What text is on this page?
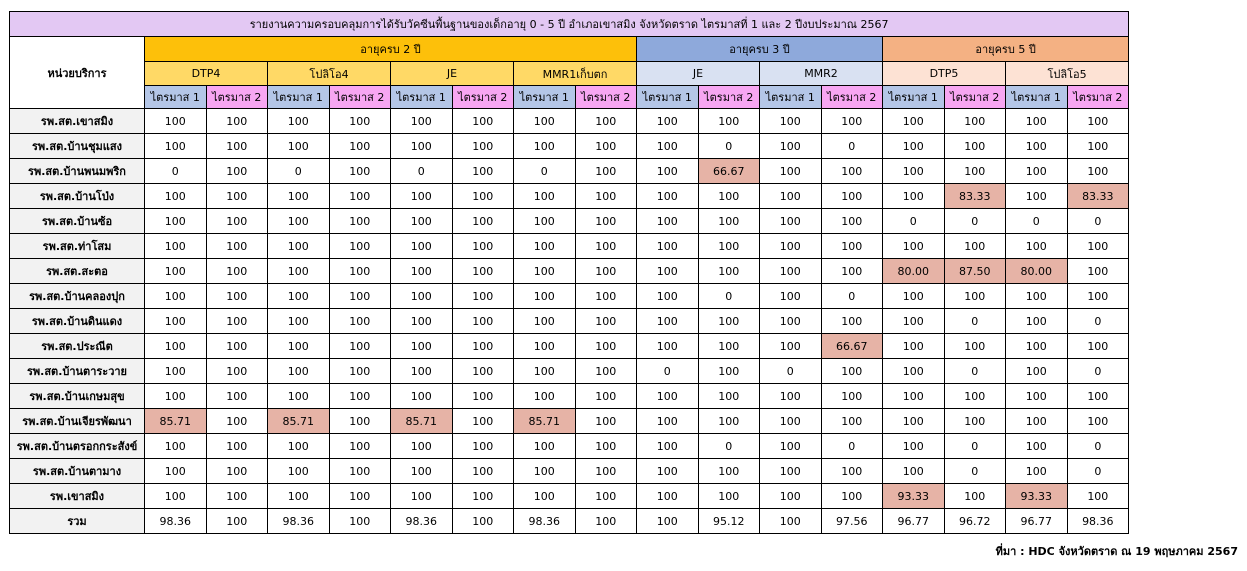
รายงานความครอบคลุมการได้รับวัคซีนพื้นฐานของเด็กอายุ 0 - 5 ปี อำเภอเขาสมิง จังหวัดตราด ไตรมาสที่ 1 และ 2 ปีงบประมาณ 2567																
หน่วยบริการ	อายุครบ 2 ปี								อายุครบ 3 ปี				อายุครบ 5 ปี			
	DTP4		โปลิโอ4		JE		MMR1เก็บตก		JE		MMR2		DTP5		โปลิโอ5	
	ไตรมาส 1	ไตรมาส 2	ไตรมาส 1	ไตรมาส 2	ไตรมาส 1	ไตรมาส 2	ไตรมาส 1	ไตรมาส 2	ไตรมาส 1	ไตรมาส 2	ไตรมาส 1	ไตรมาส 2	ไตรมาส 1	ไตรมาส 2	ไตรมาส 1	ไตรมาส 2
รพ.สต.เขาสมิง	100	100	100	100	100	100	100	100	100	100	100	100	100	100	100	100
รพ.สต.บ้านชุมแสง	100	100	100	100	100	100	100	100	100	0	100	0	100	100	100	100
รพ.สต.บ้านพนมพริก	0	100	0	100	0	100	0	100	100	66.67	100	100	100	100	100	100
รพ.สต.บ้านโป่ง	100	100	100	100	100	100	100	100	100	100	100	100	100	83.33	100	83.33
รพ.สต.บ้านซ้อ	100	100	100	100	100	100	100	100	100	100	100	100	0	0	0	0
รพ.สต.ท่าโสม	100	100	100	100	100	100	100	100	100	100	100	100	100	100	100	100
รพ.สต.สะตอ	100	100	100	100	100	100	100	100	100	100	100	100	80.00	87.50	80.00	100
รพ.สต.บ้านคลองปุก	100	100	100	100	100	100	100	100	100	0	100	0	100	100	100	100
รพ.สต.บ้านดินแดง	100	100	100	100	100	100	100	100	100	100	100	100	100	0	100	0
รพ.สต.ประณีต	100	100	100	100	100	100	100	100	100	100	100	66.67	100	100	100	100
รพ.สต.บ้านตาระวาย	100	100	100	100	100	100	100	100	0	100	0	100	100	0	100	0
รพ.สต.บ้านเกษมสุข	100	100	100	100	100	100	100	100	100	100	100	100	100	100	100	100
รพ.สต.บ้านเจียรพัฒนา	85.71	100	85.71	100	85.71	100	85.71	100	100	100	100	100	100	100	100	100
รพ.สต.บ้านตรอกกระสังข์	100	100	100	100	100	100	100	100	100	0	100	0	100	0	100	0
รพ.สต.บ้านตามาง	100	100	100	100	100	100	100	100	100	100	100	100	100	0	100	0
รพ.เขาสมิง	100	100	100	100	100	100	100	100	100	100	100	100	93.33	100	93.33	100
รวม	98.36	100	98.36	100	98.36	100	98.36	100	100	95.12	100	97.56	96.77	96.72	96.77	98.36
ที่มา : HDC จังหวัดตราด ณ 19 พฤษภาคม 2567
